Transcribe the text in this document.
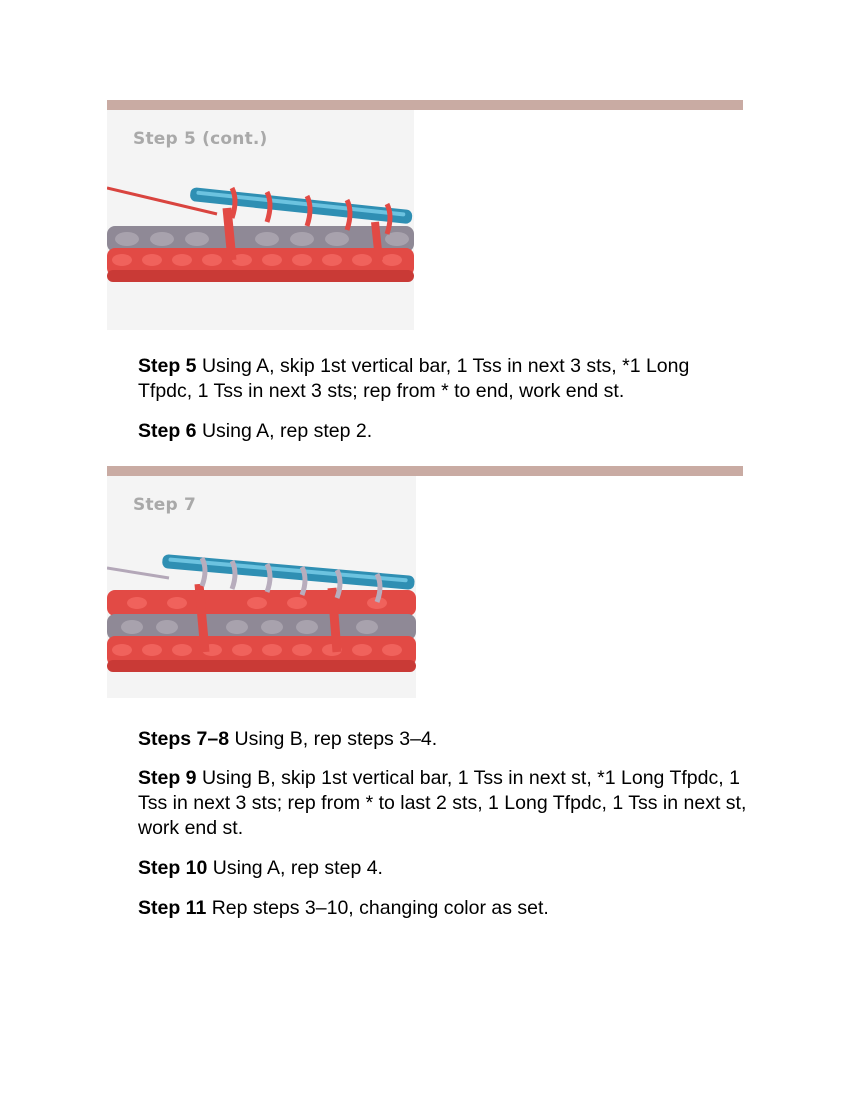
Step 5 (cont.)

Step 5 Using A, skip 1st vertical bar, 1 Tss in next 3 sts, *1 Long Tfpdc, 1 Tss in next 3 sts; rep from * to end, work end st.

Step 6 Using A, rep step 2.

Step 7

Steps 7–8 Using B, rep steps 3–4.

Step 9 Using B, skip 1st vertical bar, 1 Tss in next st, *1 Long Tfpdc, 1 Tss in next 3 sts; rep from * to last 2 sts, 1 Long Tfpdc, 1 Tss in next st, work end st.

Step 10 Using A, rep step 4.

Step 11 Rep steps 3–10, changing color as set.
